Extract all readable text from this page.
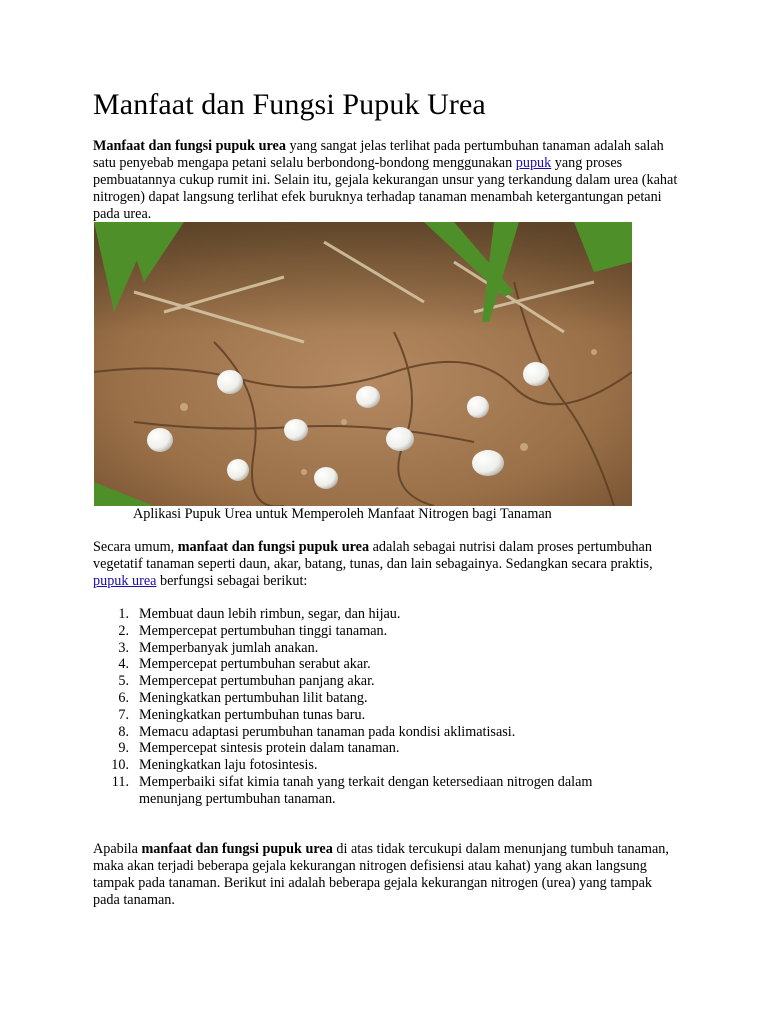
Manfaat dan Fungsi Pupuk Urea
Manfaat dan fungsi pupuk urea yang sangat jelas terlihat pada pertumbuhan tanaman adalah salah satu penyebab mengapa petani selalu berbondong-bondong menggunakan pupuk yang proses pembuatannya cukup rumit ini. Selain itu, gejala kekurangan unsur yang terkandung dalam urea (kahat nitrogen) dapat langsung terlihat efek buruknya terhadap tanaman menambah ketergantungan petani pada urea.
Aplikasi Pupuk Urea untuk Memperoleh Manfaat Nitrogen bagi Tanaman
Secara umum, manfaat dan fungsi pupuk urea adalah sebagai nutrisi dalam proses pertumbuhan vegetatif tanaman seperti daun, akar, batang, tunas, dan lain sebagainya. Sedangkan secara praktis, pupuk urea berfungsi sebagai berikut:
1. Membuat daun lebih rimbun, segar, dan hijau.
2. Mempercepat pertumbuhan tinggi tanaman.
3. Memperbanyak jumlah anakan.
4. Mempercepat pertumbuhan serabut akar.
5. Mempercepat pertumbuhan panjang akar.
6. Meningkatkan pertumbuhan lilit batang.
7. Meningkatkan pertumbuhan tunas baru.
8. Memacu adaptasi perumbuhan tanaman pada kondisi aklimatisasi.
9. Mempercepat sintesis protein dalam tanaman.
10. Meningkatkan laju fotosintesis.
11. Memperbaiki sifat kimia tanah yang terkait dengan ketersediaan nitrogen dalam menunjang pertumbuhan tanaman.
Apabila manfaat dan fungsi pupuk urea di atas tidak tercukupi dalam menunjang tumbuh tanaman, maka akan terjadi beberapa gejala kekurangan nitrogen defisiensi atau kahat) yang akan langsung tampak pada tanaman. Berikut ini adalah beberapa gejala kekurangan nitrogen (urea) yang tampak pada tanaman.
